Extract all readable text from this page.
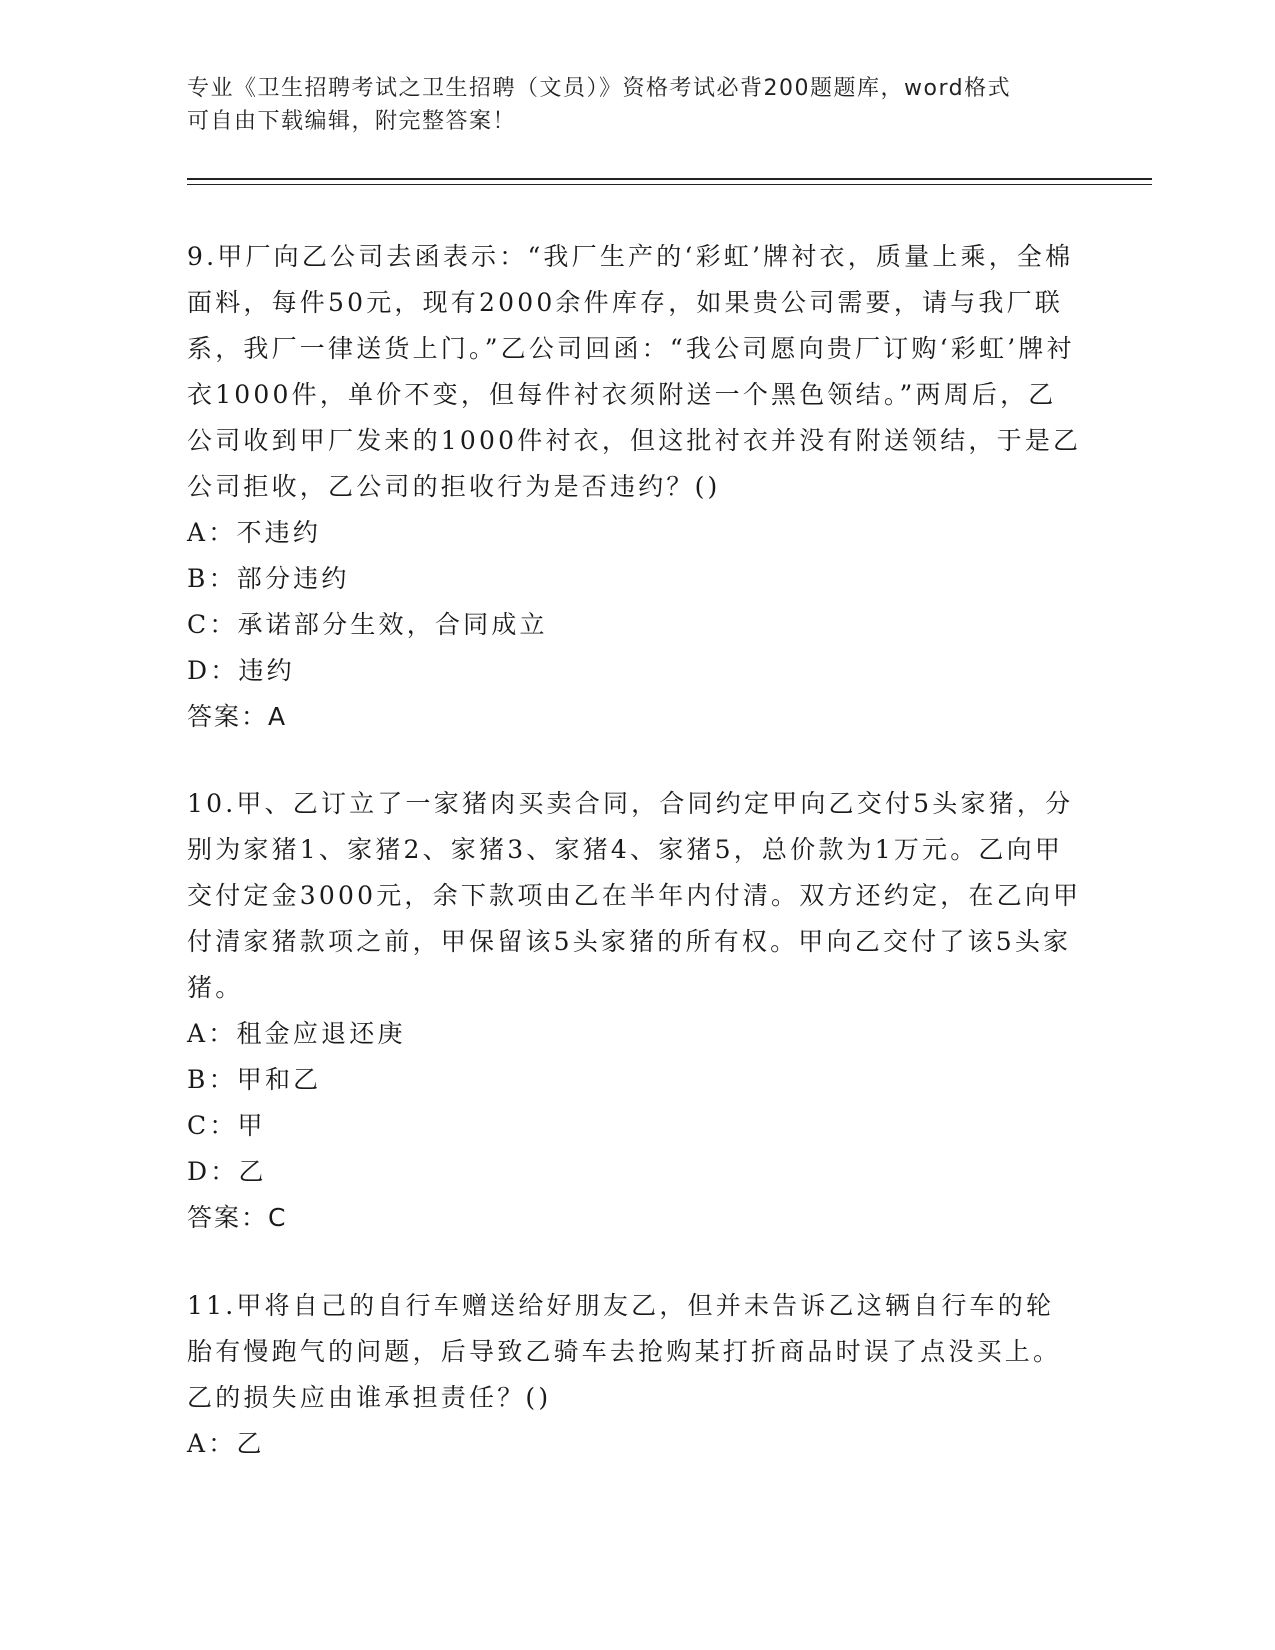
专业《卫生招聘考试之卫生招聘（文员）》资格考试必背200题题库，word格式
可自由下载编辑，附完整答案！

9.甲厂向乙公司去函表示：“我厂生产的‘彩虹’牌衬衣，质量上乘，全棉面料，每件50元，现有2000余件库存，如果贵公司需要，请与我厂联系，我厂一律送货上门。”乙公司回函：“我公司愿向贵厂订购‘彩虹’牌衬衣1000件，单价不变，但每件衬衣须附送一个黑色领结。”两周后，乙公司收到甲厂发来的1000件衬衣，但这批衬衣并没有附送领结，于是乙公司拒收，乙公司的拒收行为是否违约？()

A：不违约

B：部分违约

C：承诺部分生效，合同成立

D：违约

答案：A

10.甲、乙订立了一家猪肉买卖合同，合同约定甲向乙交付5头家猪，分别为家猪1、家猪2、家猪3、家猪4、家猪5，总价款为1万元。乙向甲交付定金3000元，余下款项由乙在半年内付清。双方还约定，在乙向甲付清家猪款项之前，甲保留该5头家猪的所有权。甲向乙交付了该5头家猪。

A：租金应退还庚

B：甲和乙

C：甲

D：乙

答案：C

11.甲将自己的自行车赠送给好朋友乙，但并未告诉乙这辆自行车的轮胎有慢跑气的问题，后导致乙骑车去抢购某打折商品时误了点没买上。乙的损失应由谁承担责任？()

A：乙
